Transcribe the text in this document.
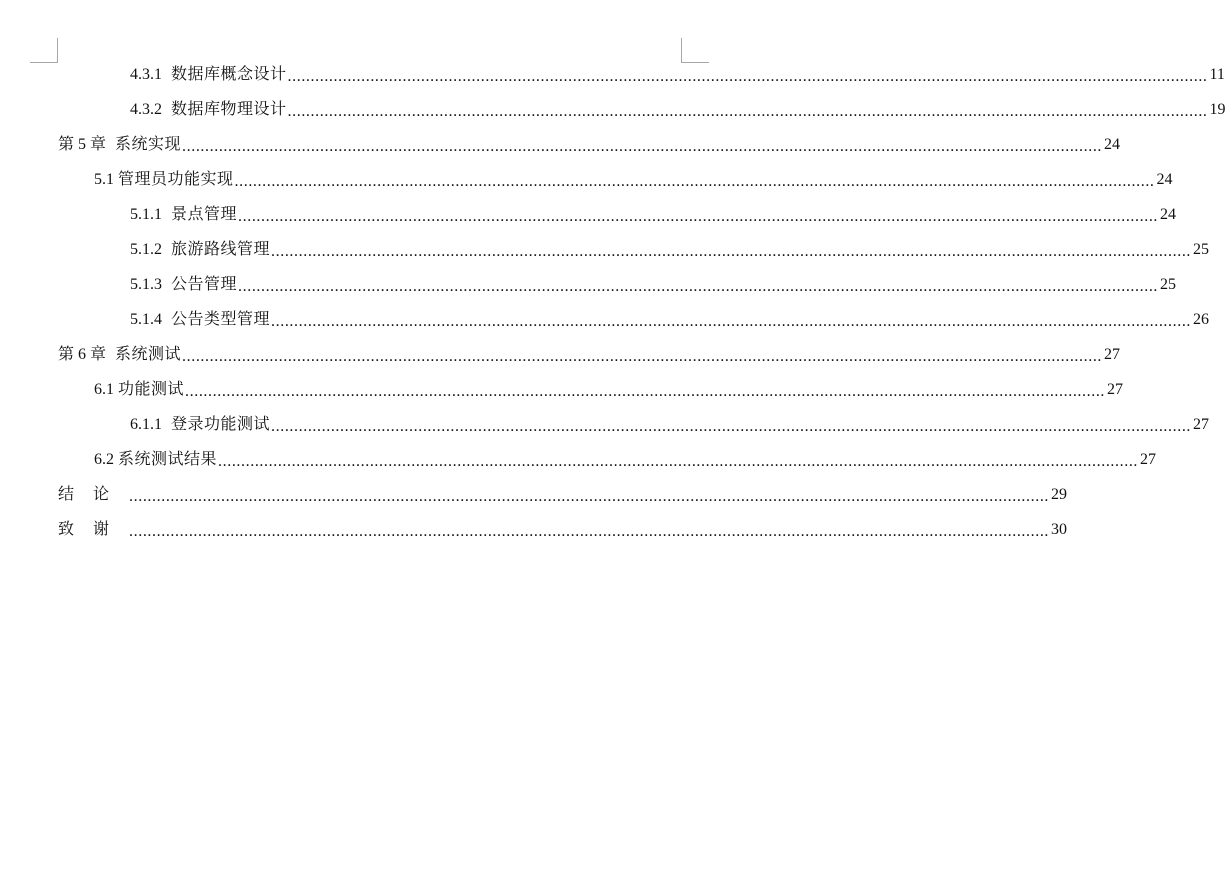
4.3.1 数据库概念设计 ........................................................................................................................................................................................................ 11
4.3.2 数据库物理设计 ........................................................................................................................................................................................................ 19
第 5 章 系统实现 ........................................................................................................................................................................................................ 24
5.1 管理员功能实现 ........................................................................................................................................................................................................ 24
5.1.1 景点管理 ........................................................................................................................................................................................................ 24
5.1.2 旅游路线管理 ........................................................................................................................................................................................................ 25
5.1.3 公告管理 ........................................................................................................................................................................................................ 25
5.1.4 公告类型管理 ........................................................................................................................................................................................................ 26
第 6 章 系统测试 ........................................................................................................................................................................................................ 27
6.1 功能测试 ........................................................................................................................................................................................................ 27
6.1.1 登录功能测试 ........................................................................................................................................................................................................ 27
6.2 系统测试结果 ........................................................................................................................................................................................................ 27
结论 ........................................................................................................................................................................................................ 29
致谢 ........................................................................................................................................................................................................ 30
